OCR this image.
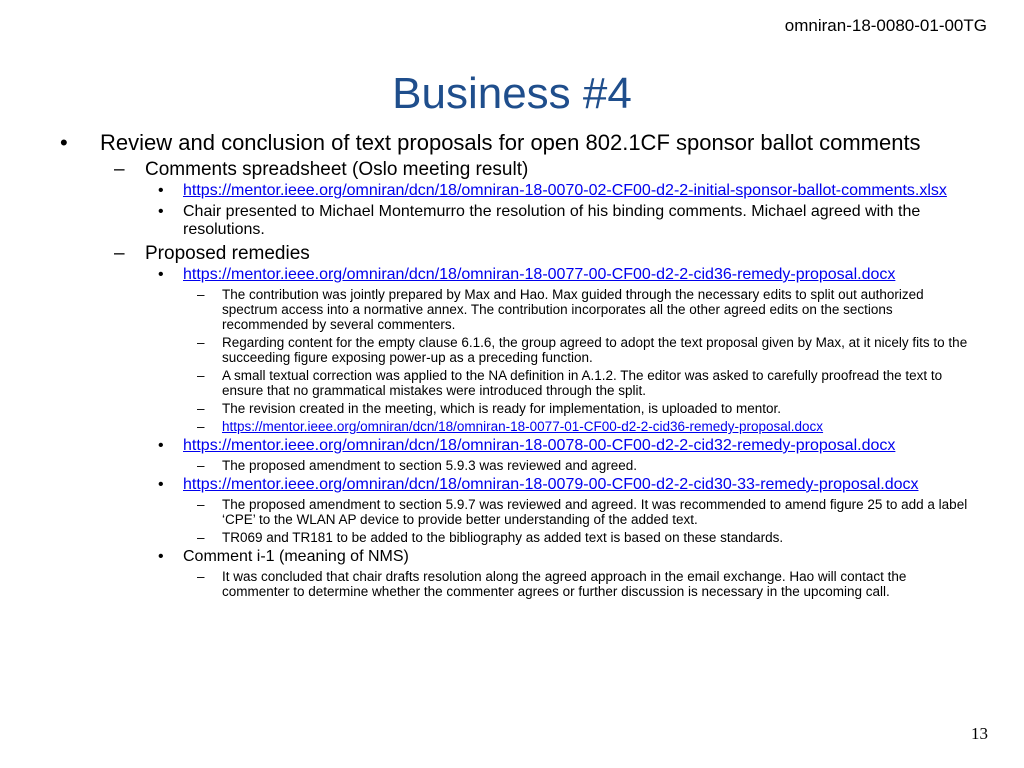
omniran-18-0080-01-00TG
Business #4
• Review and conclusion of text proposals for open 802.1CF sponsor ballot comments
– Comments spreadsheet (Oslo meeting result)
• https://mentor.ieee.org/omniran/dcn/18/omniran-18-0070-02-CF00-d2-2-initial-sponsor-ballot-comments.xlsx
• Chair presented to Michael Montemurro the resolution of his binding comments. Michael agreed with the resolutions.
– Proposed remedies
• https://mentor.ieee.org/omniran/dcn/18/omniran-18-0077-00-CF00-d2-2-cid36-remedy-proposal.docx
– The contribution was jointly prepared by Max and Hao. Max guided through the necessary edits to split out authorized spectrum access into a normative annex. The contribution incorporates all the other agreed edits on the sections recommended by several commenters.
– Regarding content for the empty clause 6.1.6, the group agreed to adopt the text proposal given by Max, at it nicely fits to the succeeding figure exposing power-up as a preceding function.
– A small textual correction was applied to the NA definition in A.1.2. The editor was asked to carefully proofread the text to ensure that no grammatical mistakes were introduced through the split.
– The revision created in the meeting, which is ready for implementation, is uploaded to mentor.
– https://mentor.ieee.org/omniran/dcn/18/omniran-18-0077-01-CF00-d2-2-cid36-remedy-proposal.docx
• https://mentor.ieee.org/omniran/dcn/18/omniran-18-0078-00-CF00-d2-2-cid32-remedy-proposal.docx
– The proposed amendment to section 5.9.3 was reviewed and agreed.
• https://mentor.ieee.org/omniran/dcn/18/omniran-18-0079-00-CF00-d2-2-cid30-33-remedy-proposal.docx
– The proposed amendment to section 5.9.7 was reviewed and agreed. It was recommended to amend figure 25 to add a label ‘CPE’ to the WLAN AP device to provide better understanding of the added text.
– TR069 and TR181 to be added to the bibliography as added text is based on these standards.
• Comment i-1 (meaning of NMS)
– It was concluded that chair drafts resolution along the agreed approach in the email exchange. Hao will contact the commenter to determine whether the commenter agrees or further discussion is necessary in the upcoming call.
13
